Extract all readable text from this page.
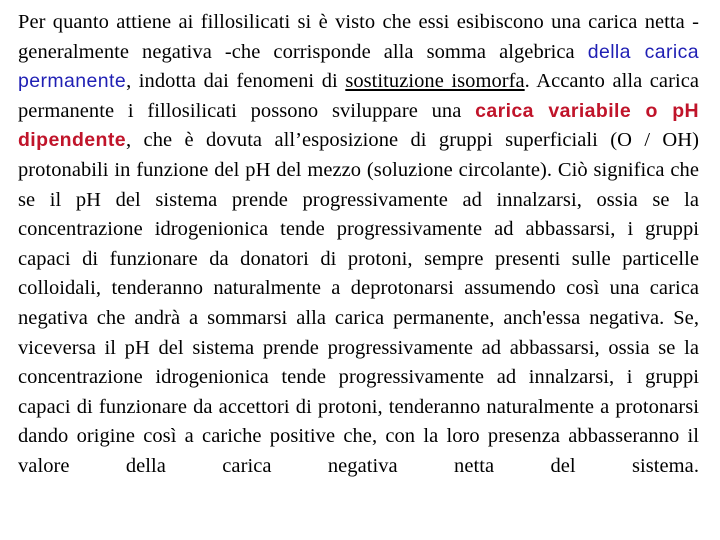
Per quanto attiene ai fillosilicati si è visto che essi esibiscono una carica netta -generalmente negativa -che corrisponde alla somma algebrica della carica permanente, indotta dai fenomeni di sostituzione isomorfa. Accanto alla carica permanente i fillosilicati possono sviluppare una carica variabile o pH dipendente, che è dovuta all’esposizione di gruppi superficiali (O / OH) protonabili in funzione del pH del mezzo (soluzione circolante). Ciò significa che se il pH del sistema prende progressivamente ad innalzarsi, ossia se la concentrazione idrogenionica tende progressivamente ad abbassarsi, i gruppi capaci di funzionare da donatori di protoni, sempre presenti sulle particelle colloidali, tenderanno naturalmente a deprotonarsi assumendo così una carica negativa che andrà a sommarsi alla carica permanente, anch'essa negativa. Se, viceversa il pH del sistema prende progressivamente ad abbassarsi, ossia se la concentrazione idrogenionica tende progressivamente ad innalzarsi, i gruppi capaci di funzionare da accettori di protoni, tenderanno naturalmente a protonarsi dando origine così a cariche positive che, con la loro presenza abbasseranno il valore della carica negativa netta del sistema.
